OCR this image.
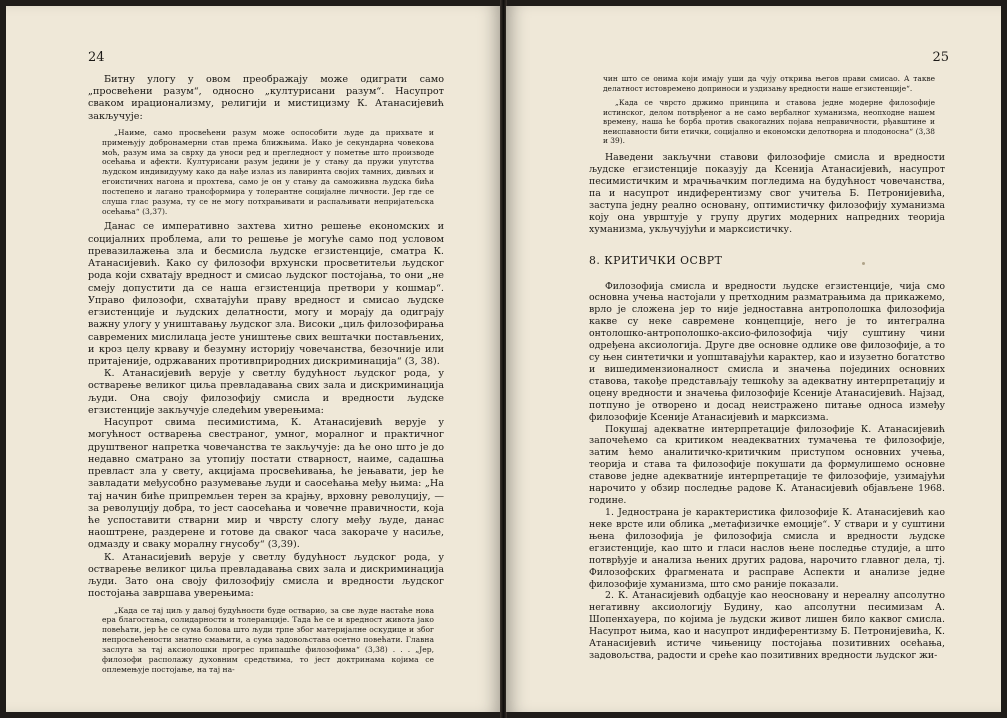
24

Битну улогу у овом преображају може одиграти само „просвећени разум“, односно „културисани разум“. Насупрот сваком ирационализму, религији и мистицизму К. Атанасијевић закључује:

„Наиме, само просвећени разум може оспособити људе да прихвате и примењују добронамерни став према ближњима. Иако је секундарна човекова моћ, разум има за сврху да уноси ред и прегледност у пометње што производе осећања и афекти. Културисани разум једини је у стању да пружи упутства људском индивидууму како да нађе излаз из лавиринта својих тамних, дивљих и егоистичних нагона и прохтева, само је он у стању да саможивна људска бића постепено и лагано трансформира у толерантне социјалне личности. Јер где се слуша глас разума, ту се не могу потхрањивати и распаљивати непријатељска осећања“ (3,37).

Данас се императивно захтева хитно решење економских и социјалних проблема, али то решење је могуће само под условом превазилажења зла и бесмисла људске егзистенције, сматра К. Атанасијевић. Како су филозофи врхунски просветитељи људског рода који схватају вредност и смисао људског постојања, то они „не смеју допустити да се наша егзистенција претвори у кошмар“. Управо филозофи, схватајући праву вредност и смисао људске егзистенције и људских делатности, могу и морају да одиграју важну улогу у уништавању људског зла. Високи „циљ филозофирања савремених мислилаца јесте уништење свих вештачки постављених, и кроз целу крваву и безумну историју човечанства, безочније или притајеније, одржаваних противприродних дискриминација“ (3, 38).

К. Атанасијевић верује у светлу будућност људског рода, у остварење великог циља превладавања свих зала и дискриминација људи. Она своју филозофију смисла и вредности људске егзистенције закључује следећим уверењима:

Насупрот свима песимистима, К. Атанасијевић верује у могућност остварења свестраног, умног, моралног и практичног друштвеног напретка човечанства те закључује: да ће оно што је до недавно сматрано за утопију постати стварност, наиме, садашња превласт зла у свету, акцијама просвећивања, ће јењавати, јер ће завладати међусобно разумевање људи и саосећања међу њима: „На тај начин биће припремљен терен за крајњу, врховну револуцију, — за револуцију добра, то јест саосећања и човечне правичности, која ће успоставити стварни мир и чврсту слогу међу људе, данас наоштрене, раздерене и готове да сваког часа закораче у насиље, одмазду и сваку моралну гнусобу“ (3,39).

К. Атанасијевић верује у светлу будућност људског рода, у остварење великог циља превладавања свих зала и дискриминација људи. Зато она своју филозофију смисла и вредности људског постојања завршава уверењима:

„Када се тај циљ у даљој будућности буде остварио, за све људе настаће нова ера благостања, солидарности и толеранције. Тада ће се и вредност живота јако повећати, јер ће се сума болова што људи трпе због материјалне оскудице и због непросвећености знатно смањити, а сума задовољстава осетно повећати. Главна заслуга за тај аксиолошки прогрес припашће филозофима“ (3,38) . . . „Јер, филозофи располажу духовним средствима, то јест доктринама којима се оплемењује постојање, на тај на-

25

чин што се онима који имају уши да чују открива његов прави смисао. А такве делатност истовремено доприноси и уздизању вредности наше егзистенције“.

„Када се чврсто држимо принципа и ставова једне модерне филозофије истинског, делом потврђеног а не само вербалног хуманизма, неопходне нашем времену, наша ће борба против свакоrazних појава неправичности, рђавштине и неиспавности бити етички, социјално и економски делотворна и плодоносна“ (3,38 и 39).

Наведени закључни ставови филозофије смисла и вредности људске егзистенције показују да Ксенија Атанасијевић, насупрот песимистичким и мрачњачким погледима на будућност човечанства, па и насупрот индиферентизму свог учитеља Б. Петронијевића, заступа једну реално основану, оптимистичку филозофију хуманизма коју она уврштује у групу других модерних напредних теорија хуманизма, укључујући и марксистичку.

8. КРИТИЧКИ ОСВРТ

Филозофија смисла и вредности људске егзистенције, чија смо основна учења настојали у претходним разматрањима да прикажемо, врло је сложена јер то није једноставна антрополошка филозофија какве су неке савремене концепције, него је то интегрална онтолошко-антрополошко-аксио-филозофија чију суштину чини одређена аксиологија. Друге две основне одлике ове филозофије, а то су њен синтетички и уопштавајући карактер, као и изузетно богатство и вишедимензионалност смисла и значења појединих основних ставова, такође представљају тешкоћу за адекватну интерпретацију и оцену вредности и значења филозофије Ксеније Атанасијевић. Најзад, потпуно је отворено и досад неистражено питање односа између филозофије Ксеније Атанасијевић и марксизма.

Покушај адекватне интерпретације филозофије К. Атанасијевић започећемо са критиком неадекватних тумачења те филозофије, затим ћемо аналитичко-критичким приступом основних учења, теорија и става та филозофије покушати да формулишемо основне ставове једне адекватније интерпретације те филозофије, узимајући нарочито у обзир последње радове К. Атанасијевић објављене 1968. године.

1. Једнострана је карактеристика филозофије К. Атанасијевић као неке врсте или облика „метафизичке емоције“. У ствари и у суштини њена филозофија је филозофија смисла и вредности људске егзистенције, као што и гласи наслов њене последње студије, а што потврђује и анализа њених других радова, нарочито главног дела, тј. Филозофских фрагмената и расправе Аспекти и анализе једне филозофије хуманизма, што смо раније показали.

2. К. Атанасијевић одбацује као неосновану и нереалну апсолутно негативну аксиологију Будину, као апсолутни песимизам А. Шопенхауера, по којима је људски живот лишен било каквог смисла. Насупрот њима, као и насупрот индиферентизму Б. Петронијевића, К. Атанасијевић истиче чињеницу постојања позитивних осећања, задовољства, радости и среће као позитивних вредности људског жи-
